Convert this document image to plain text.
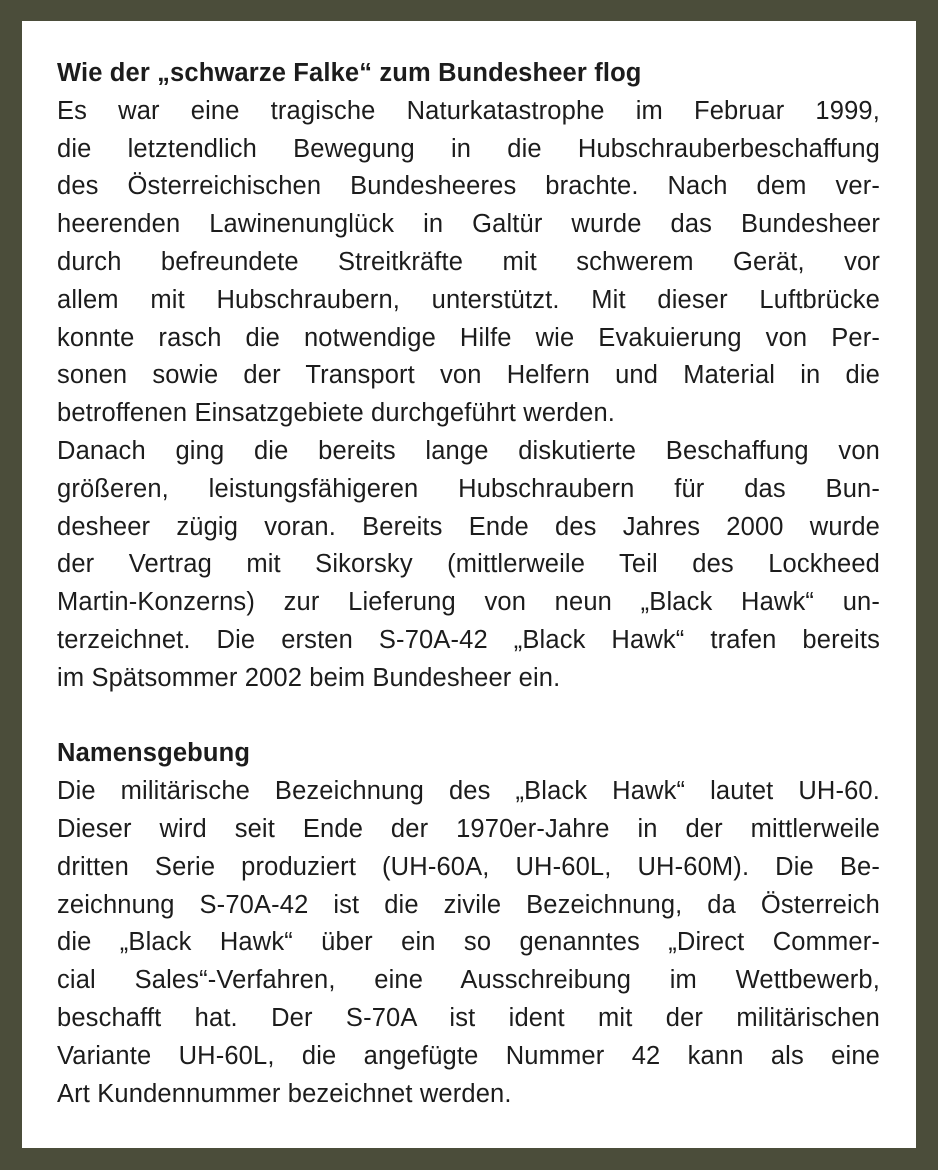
Wie der „schwarze Falke“ zum Bundesheer flog
Es war eine tragische Naturkatastrophe im Februar 1999,
die letztendlich Bewegung in die Hubschrauberbeschaffung
des Österreichischen Bundesheeres brachte. Nach dem ver-
heerenden Lawinenunglück in Galtür wurde das Bundesheer
durch befreundete Streitkräfte mit schwerem Gerät, vor
allem mit Hubschraubern, unterstützt. Mit dieser Luftbrücke
konnte rasch die notwendige Hilfe wie Evakuierung von Per-
sonen sowie der Transport von Helfern und Material in die
betroffenen Einsatzgebiete durchgeführt werden.
Danach ging die bereits lange diskutierte Beschaffung von
größeren, leistungsfähigeren Hubschraubern für das Bun-
desheer zügig voran. Bereits Ende des Jahres 2000 wurde
der Vertrag mit Sikorsky (mittlerweile Teil des Lockheed
Martin-Konzerns) zur Lieferung von neun „Black Hawk“ un-
terzeichnet. Die ersten S-70A-42 „Black Hawk“ trafen bereits
im Spätsommer 2002 beim Bundesheer ein.
Namensgebung
Die militärische Bezeichnung des „Black Hawk“ lautet UH-60.
Dieser wird seit Ende der 1970er-Jahre in der mittlerweile
dritten Serie produziert (UH-60A, UH-60L, UH-60M). Die Be-
zeichnung S-70A-42 ist die zivile Bezeichnung, da Österreich
die „Black Hawk“ über ein so genanntes „Direct Commer-
cial Sales“-Verfahren, eine Ausschreibung im Wettbewerb,
beschafft hat. Der S-70A ist ident mit der militärischen
Variante UH-60L, die angefügte Nummer 42 kann als eine
Art Kundennummer bezeichnet werden.
